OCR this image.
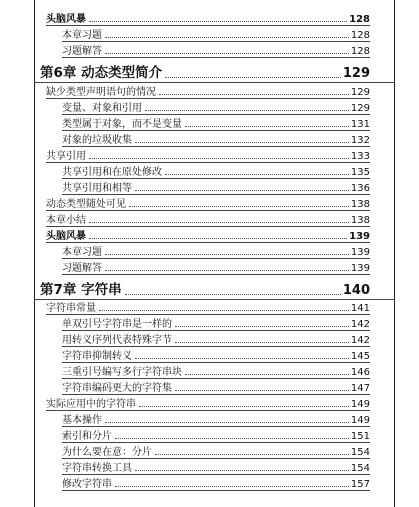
头脑风暴	128
本章习题	128
习题解答	128
第6章 动态类型简介	129
缺少类型声明语句的情况	129
变量、对象和引用	129
类型属于对象，而不是变量	131
对象的垃圾收集	132
共享引用	133
共享引用和在原处修改	135
共享引用和相等	136
动态类型随处可见	138
本章小结	138
头脑风暴	139
本章习题	139
习题解答	139
第7章 字符串	140
字符串常量	141
单双引号字符串是一样的	142
用转义序列代表特殊字节	142
字符串抑制转义	145
三重引号编写多行字符串块	146
字符串编码更大的字符集	147
实际应用中的字符串	149
基本操作	149
索引和分片	151
为什么要在意：分片	154
字符串转换工具	154
修改字符串	157
